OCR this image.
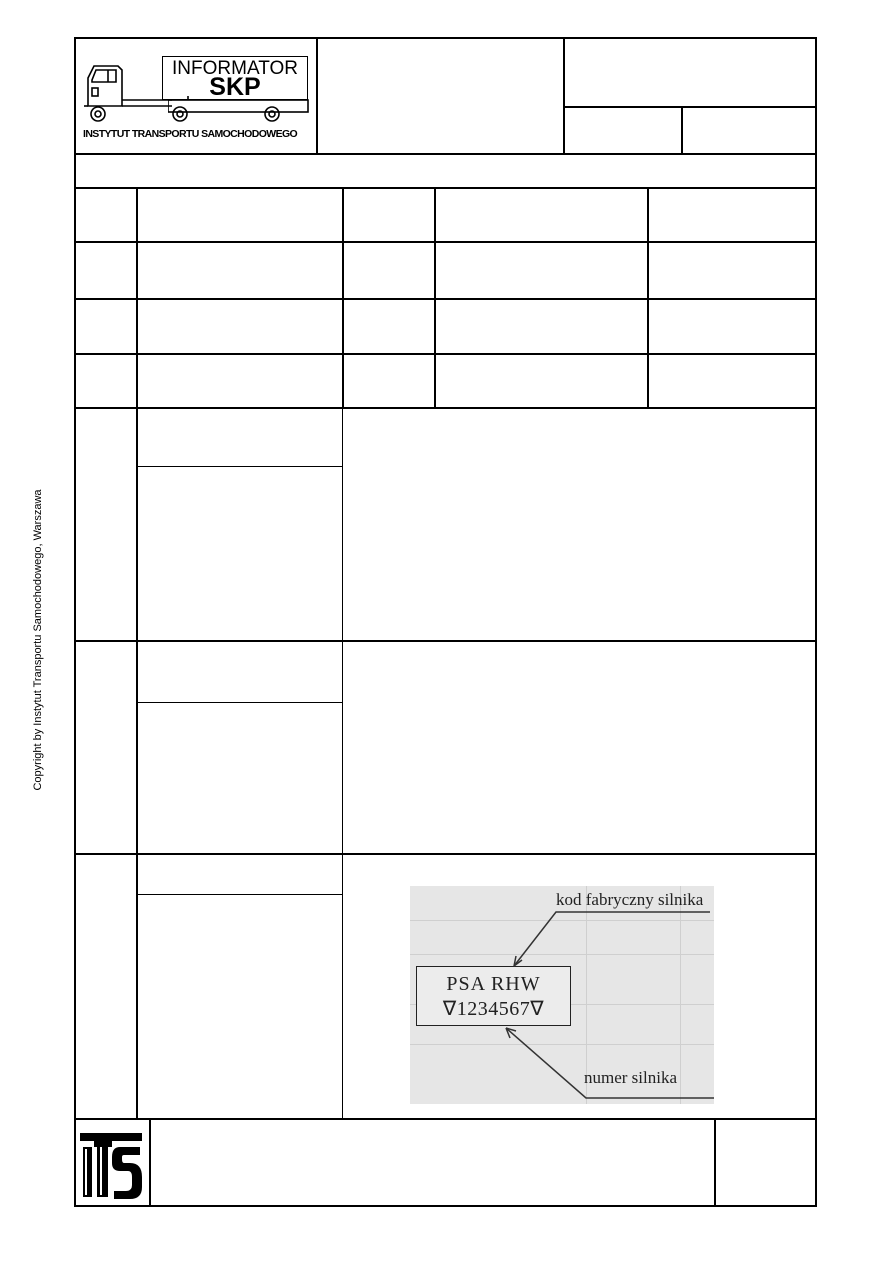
Copyright by Instytut Transportu Samochodowego, Warszawa
INFORMATOR
SKP
INSTYTUT TRANSPORTU SAMOCHODOWEGO
PSA RHW
∇1234567∇
kod fabryczny silnika
numer silnika
